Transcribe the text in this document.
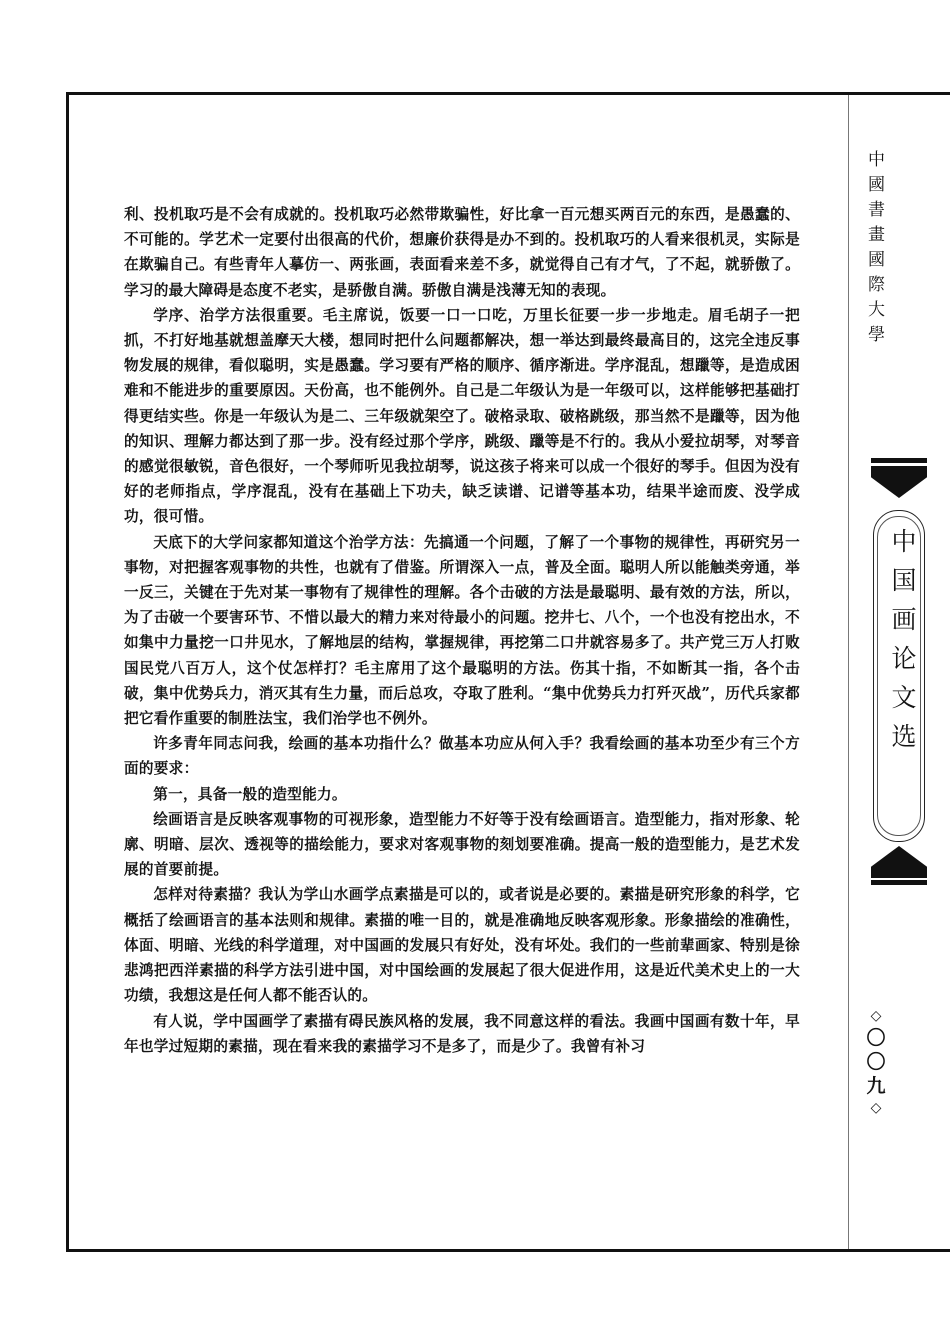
利、投机取巧是不会有成就的。投机取巧必然带欺骗性，好比拿一百元想买两百元的东西，是愚蠢的、不可能的。学艺术一定要付出很高的代价，想廉价获得是办不到的。投机取巧的人看来很机灵，实际是在欺骗自己。有些青年人摹仿一、两张画，表面看来差不多，就觉得自己有才气，了不起，就骄傲了。学习的最大障碍是态度不老实，是骄傲自满。骄傲自满是浅薄无知的表现。

学序、治学方法很重要。毛主席说，饭要一口一口吃，万里长征要一步一步地走。眉毛胡子一把抓，不打好地基就想盖摩天大楼，想同时把什么问题都解决，想一举达到最终最高目的，这完全违反事物发展的规律，看似聪明，实是愚蠢。学习要有严格的顺序、循序渐进。学序混乱，想躐等，是造成困难和不能进步的重要原因。天份高，也不能例外。自己是二年级认为是一年级可以，这样能够把基础打得更结实些。你是一年级认为是二、三年级就架空了。破格录取、破格跳级，那当然不是躐等，因为他的知识、理解力都达到了那一步。没有经过那个学序，跳级、躐等是不行的。我从小爱拉胡琴，对琴音的感觉很敏锐，音色很好，一个琴师听见我拉胡琴，说这孩子将来可以成一个很好的琴手。但因为没有好的老师指点，学序混乱，没有在基础上下功夫，缺乏读谱、记谱等基本功，结果半途而废、没学成功，很可惜。

天底下的大学问家都知道这个治学方法：先搞通一个问题，了解了一个事物的规律性，再研究另一事物，对把握客观事物的共性，也就有了借鉴。所谓深入一点，普及全面。聪明人所以能触类旁通，举一反三，关键在于先对某一事物有了规律性的理解。各个击破的方法是最聪明、最有效的方法，所以，为了击破一个要害环节、不惜以最大的精力来对待最小的问题。挖井七、八个，一个也没有挖出水，不如集中力量挖一口井见水，了解地层的结构，掌握规律，再挖第二口井就容易多了。共产党三万人打败国民党八百万人，这个仗怎样打？毛主席用了这个最聪明的方法。伤其十指，不如断其一指，各个击破，集中优势兵力，消灭其有生力量，而后总攻，夺取了胜利。“集中优势兵力打歼灭战”，历代兵家都把它看作重要的制胜法宝，我们治学也不例外。

许多青年同志问我，绘画的基本功指什么？做基本功应从何入手？我看绘画的基本功至少有三个方面的要求：

第一，具备一般的造型能力。

绘画语言是反映客观事物的可视形象，造型能力不好等于没有绘画语言。造型能力，指对形象、轮廓、明暗、层次、透视等的描绘能力，要求对客观事物的刻划要准确。提高一般的造型能力，是艺术发展的首要前提。

怎样对待素描？我认为学山水画学点素描是可以的，或者说是必要的。素描是研究形象的科学，它概括了绘画语言的基本法则和规律。素描的唯一目的，就是准确地反映客观形象。形象描绘的准确性，体面、明暗、光线的科学道理，对中国画的发展只有好处，没有坏处。我们的一些前辈画家、特别是徐悲鸿把西洋素描的科学方法引进中国，对中国绘画的发展起了很大促进作用，这是近代美术史上的一大功绩，我想这是任何人都不能否认的。

有人说，学中国画学了素描有碍民族风格的发展，我不同意这样的看法。我画中国画有数十年，早年也学过短期的素描，现在看来我的素描学习不是多了，而是少了。我曾有补习

中國書畫國際大學
中国画论文选
◇
〇
〇
九
◇
